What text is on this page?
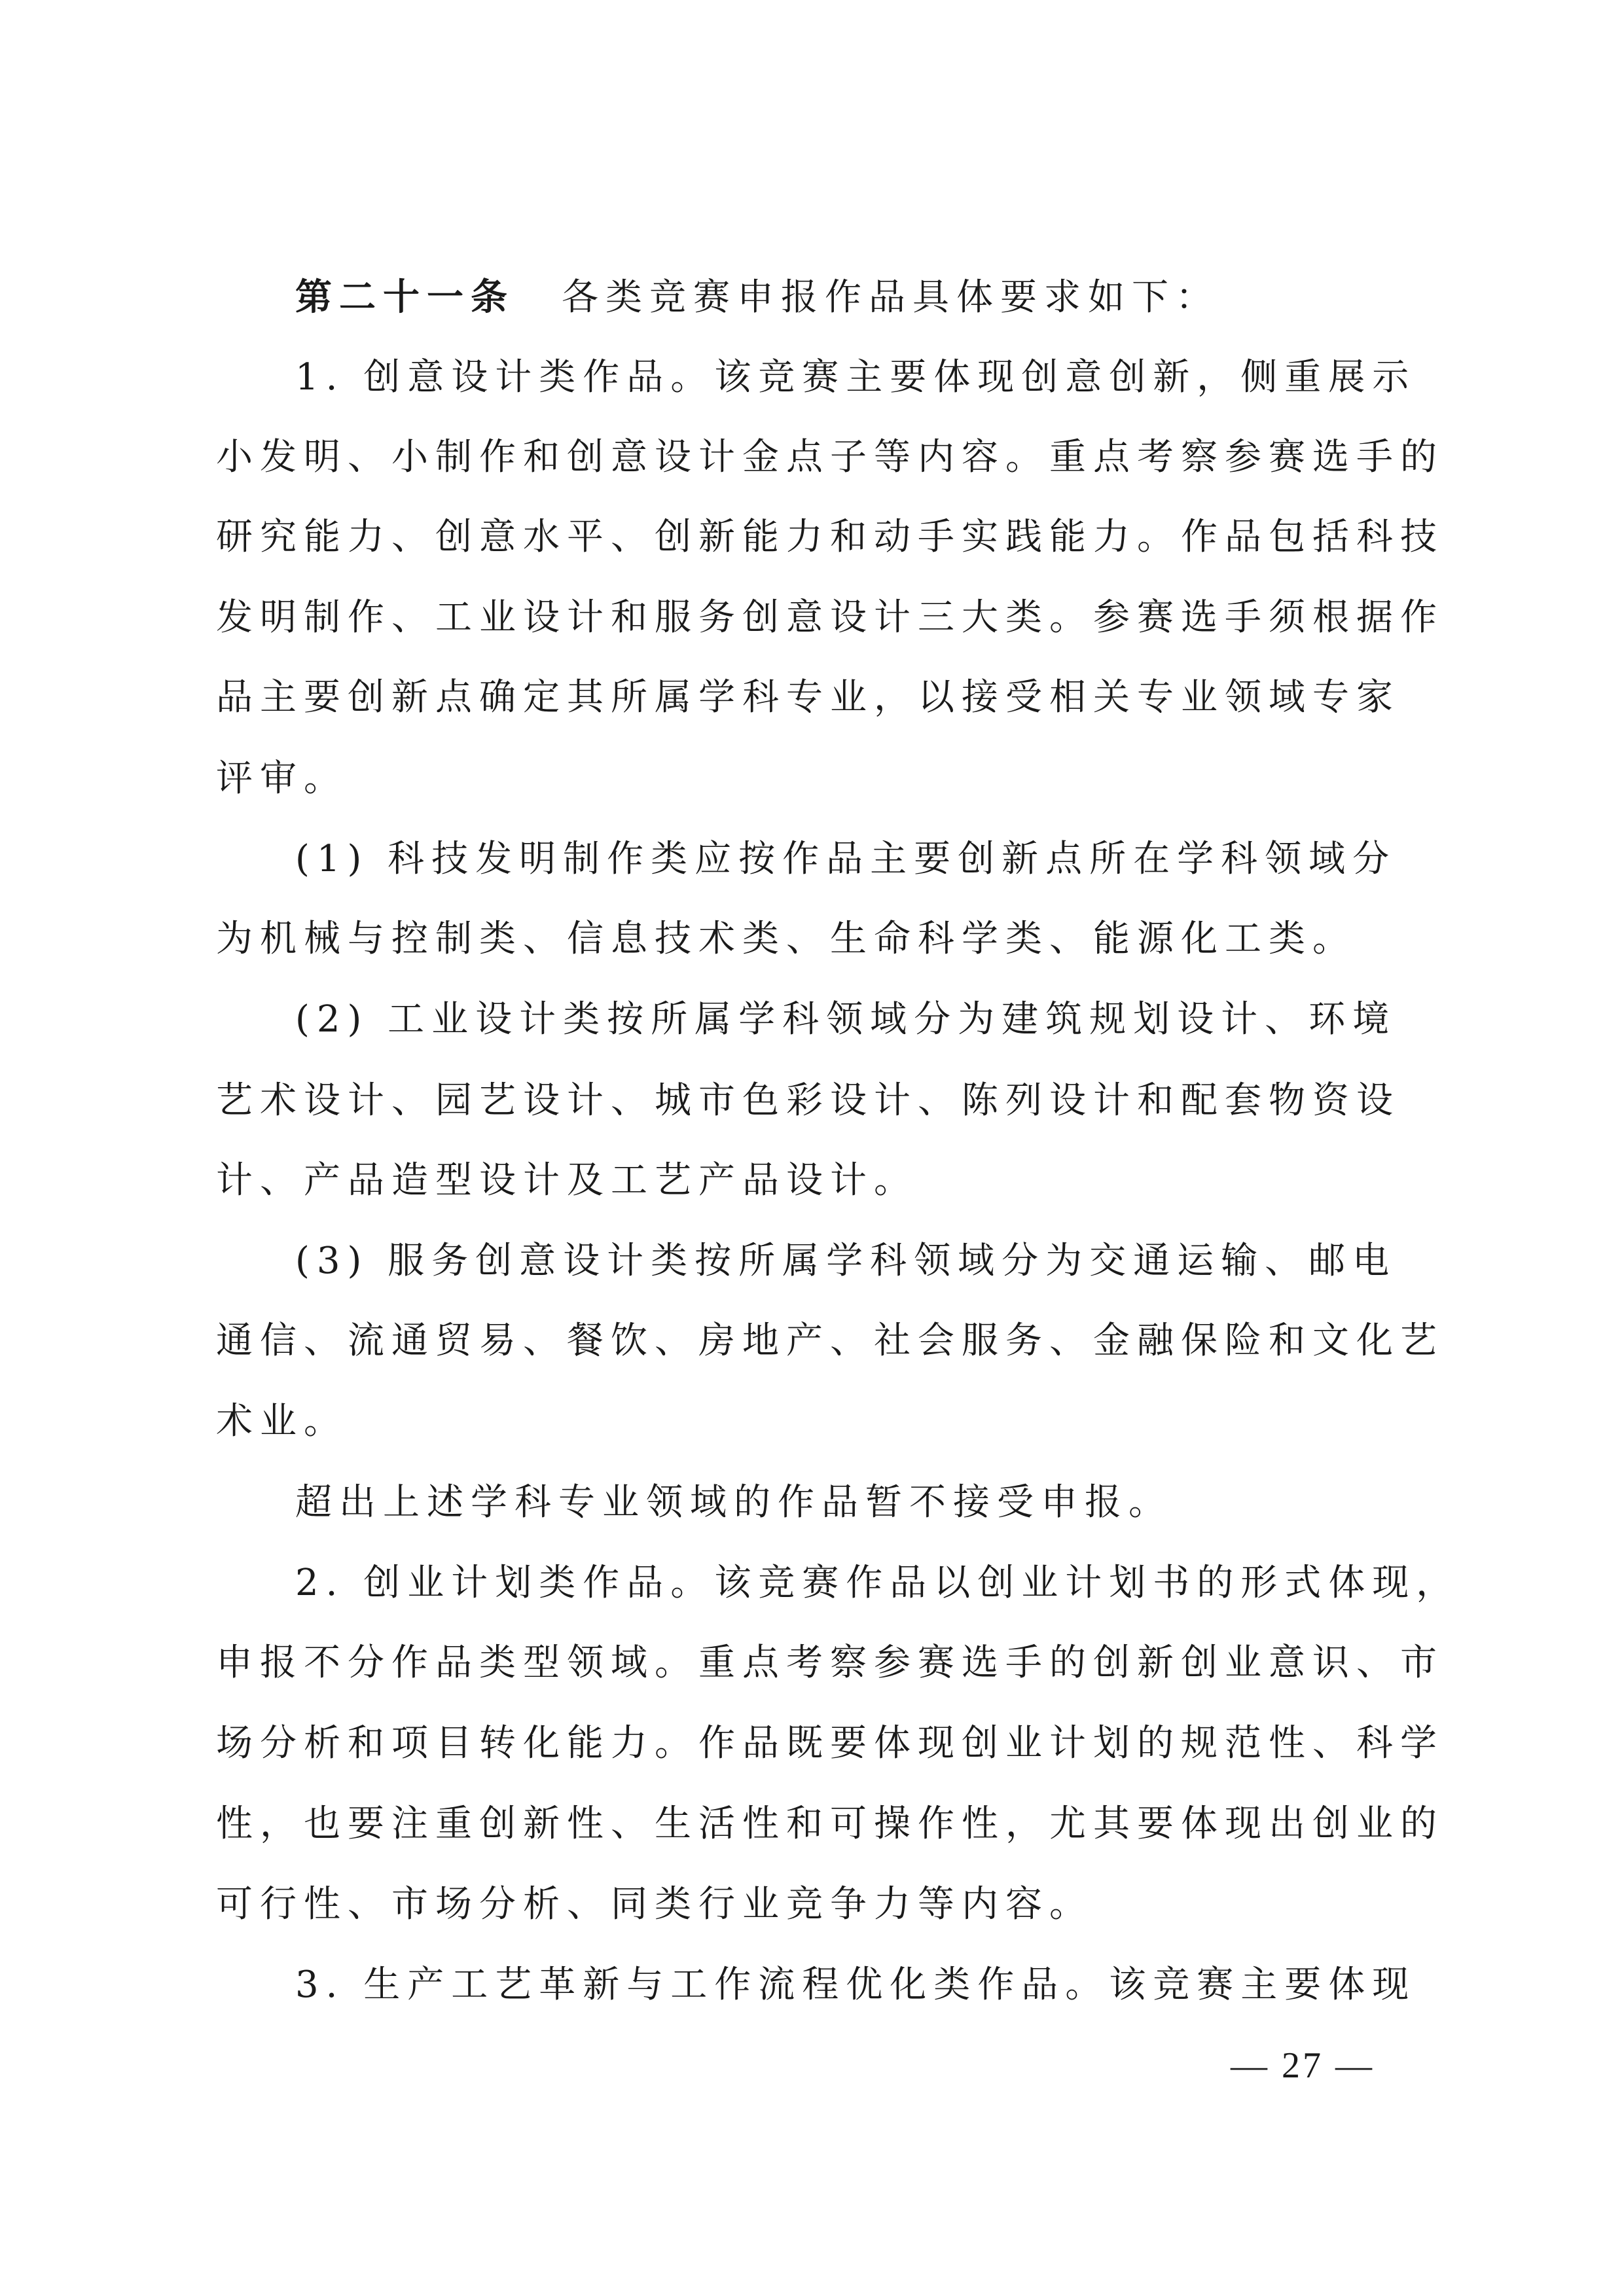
第二十一条 各类竞赛申报作品具体要求如下：
1. 创意设计类作品。该竞赛主要体现创意创新，侧重展示
小发明、小制作和创意设计金点子等内容。重点考察参赛选手的
研究能力、创意水平、创新能力和动手实践能力。作品包括科技
发明制作、工业设计和服务创意设计三大类。参赛选手须根据作
品主要创新点确定其所属学科专业，以接受相关专业领域专家
评审。
(1) 科技发明制作类应按作品主要创新点所在学科领域分
为机械与控制类、信息技术类、生命科学类、能源化工类。
(2) 工业设计类按所属学科领域分为建筑规划设计、环境
艺术设计、园艺设计、城市色彩设计、陈列设计和配套物资设
计、产品造型设计及工艺产品设计。
(3) 服务创意设计类按所属学科领域分为交通运输、邮电
通信、流通贸易、餐饮、房地产、社会服务、金融保险和文化艺
术业。
超出上述学科专业领域的作品暂不接受申报。
2. 创业计划类作品。该竞赛作品以创业计划书的形式体现，
申报不分作品类型领域。重点考察参赛选手的创新创业意识、市
场分析和项目转化能力。作品既要体现创业计划的规范性、科学
性，也要注重创新性、生活性和可操作性，尤其要体现出创业的
可行性、市场分析、同类行业竞争力等内容。
3. 生产工艺革新与工作流程优化类作品。该竞赛主要体现
— 27 —
